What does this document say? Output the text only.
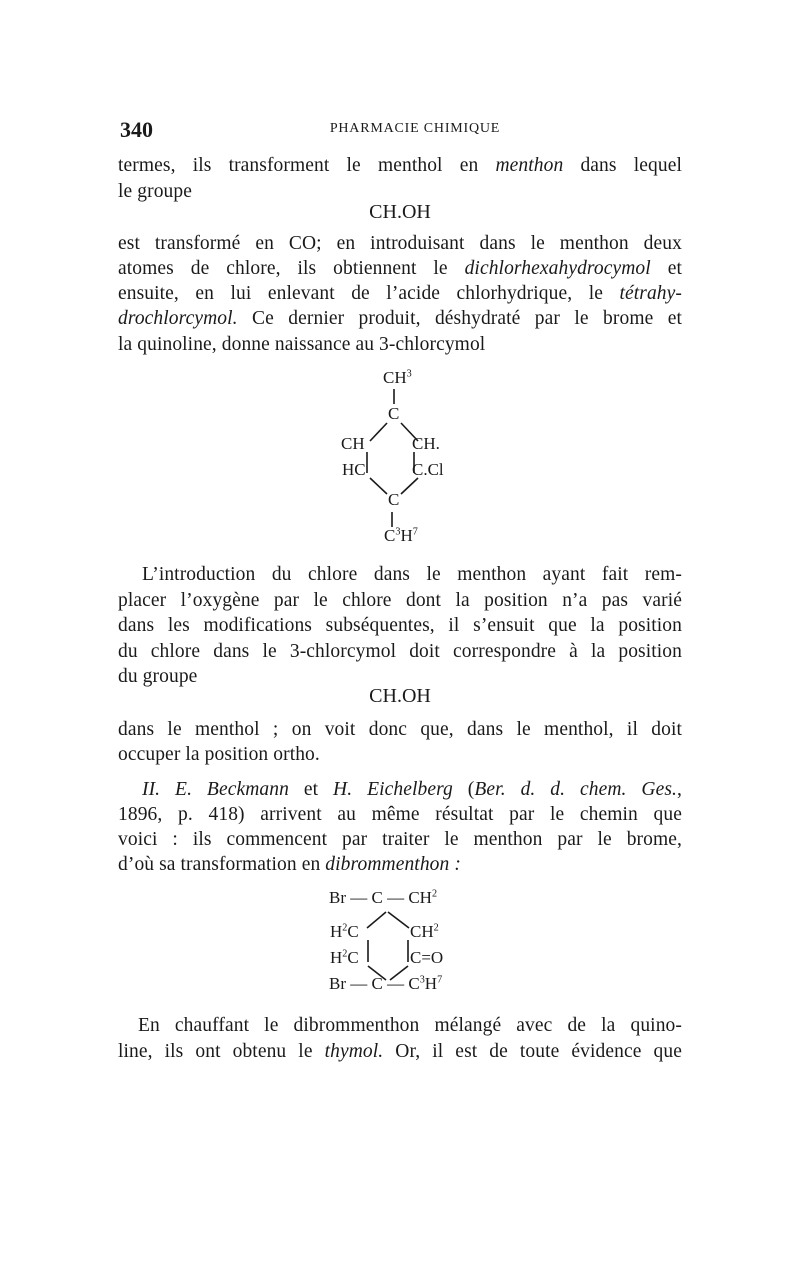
340	PHARMACIE CHIMIQUE

termes, ils transforment le menthol en menthon dans lequel

le groupe

CH.OH

est transformé en CO; en introduisant dans le menthon deux

atomes de chlore, ils obtiennent le dichlorhexahydrocymol et

ensuite, en lui enlevant de l’acide chlorhydrique, le tétrahy-

drochlorcymol. Ce dernier produit, déshydraté par le brome et

la quinoline, donne naissance au 3-chlorcymol

$CH^3$
C
CH	CH.
HC	C.Cl
C
$C^3H^7$

L’introduction du chlore dans le menthon ayant fait rem-

placer l’oxygène par le chlore dont la position n’a pas varié

dans les modifications subséquentes, il s’ensuit que la position

du chlore dans le 3-chlorcymol doit correspondre à la position

du groupe

CH.OH

dans le menthol ; on voit donc que, dans le menthol, il doit

occuper la position ortho.

II. E. Beckmann et H. Eichelberg (Ber. d. d. chem. Ges.,

1896, p. 418) arrivent au même résultat par le chemin que

voici : ils commencent par traiter le menthon par le brome,

d’où sa transformation en dibrommenthon :

Br — C — $CH^2$
$H^2C$	$CH^2$
$H^2C$	C=O
Br — C — $C^3H^7$

En chauffant le dibrommenthon mélangé avec de la quino-

line, ils ont obtenu le thymol. Or, il est de toute évidence que
